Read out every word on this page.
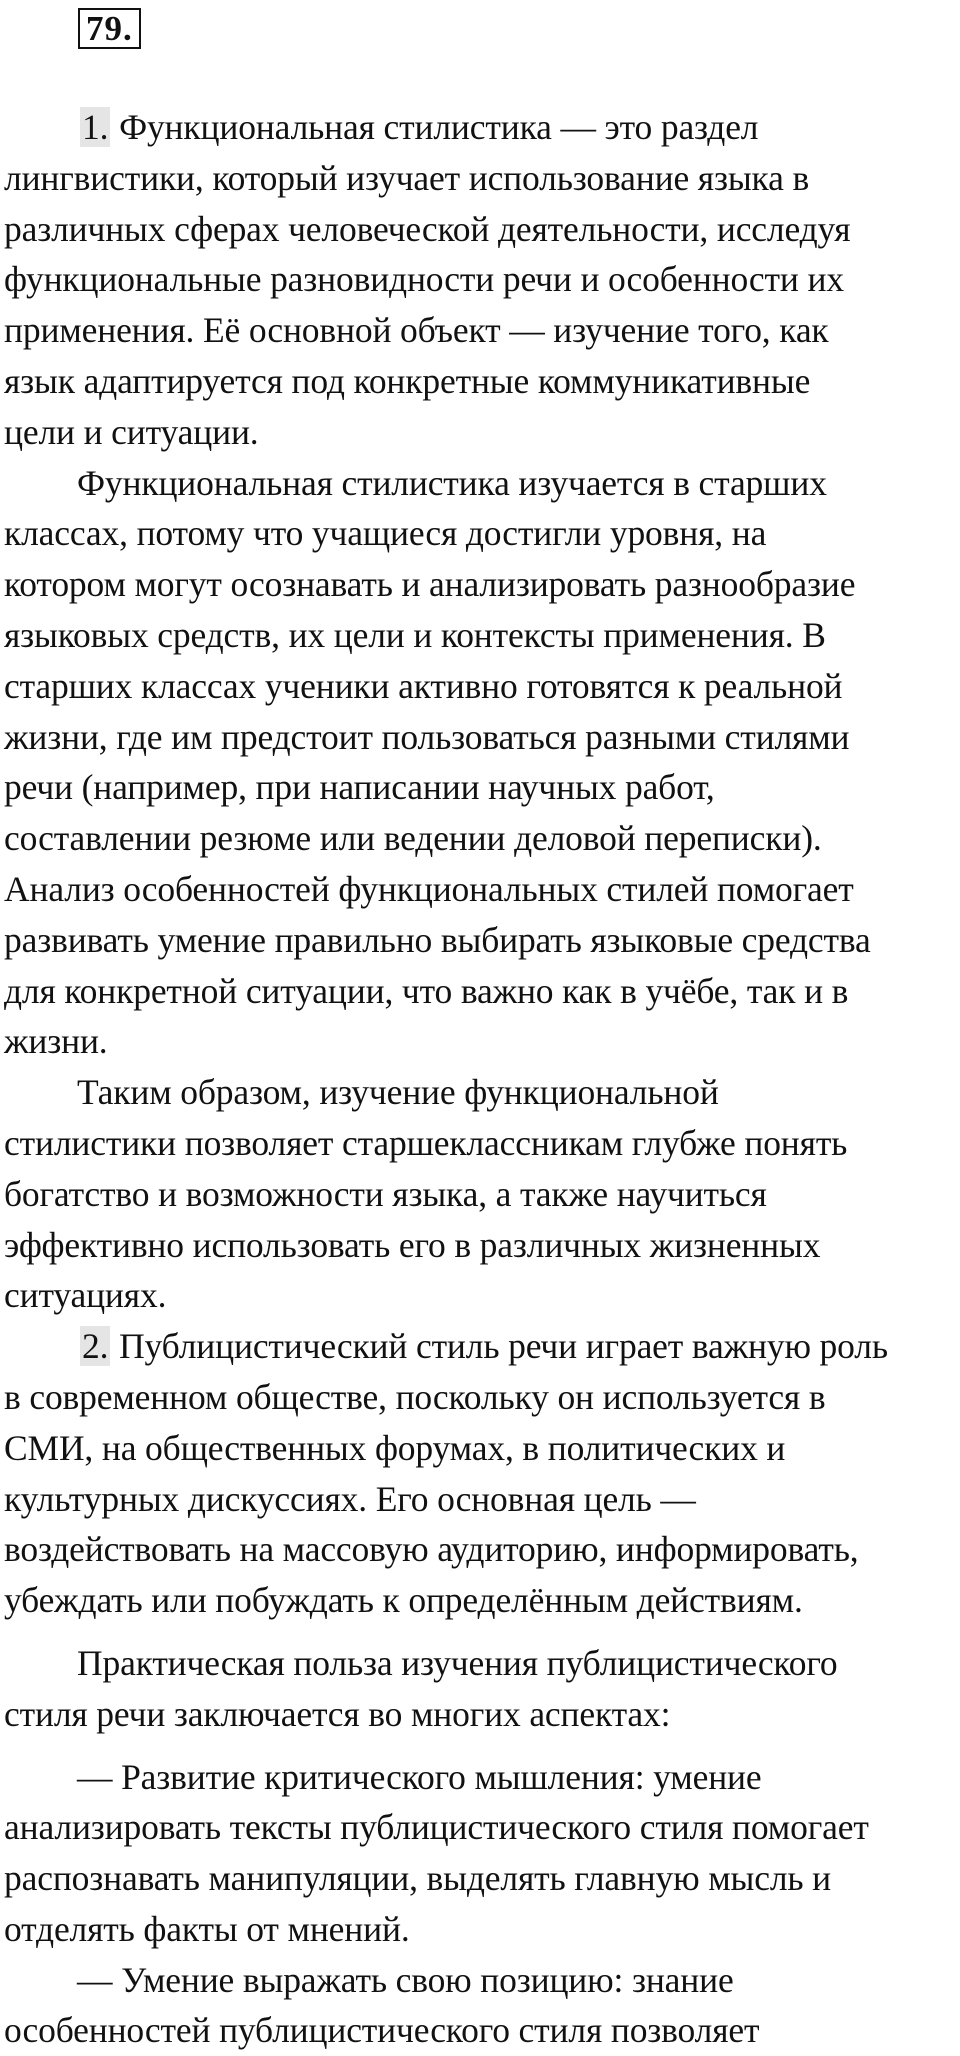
79.

1. Функциональная стилистика — это раздел

лингвистики, который изучает использование языка в

различных сферах человеческой деятельности, исследуя

функциональные разновидности речи и особенности их

применения. Её основной объект — изучение того, как

язык адаптируется под конкретные коммуникативные

цели и ситуации.

Функциональная стилистика изучается в старших

классах, потому что учащиеся достигли уровня, на

котором могут осознавать и анализировать разнообразие

языковых средств, их цели и контексты применения. В

старших классах ученики активно готовятся к реальной

жизни, где им предстоит пользоваться разными стилями

речи (например, при написании научных работ,

составлении резюме или ведении деловой переписки).

Анализ особенностей функциональных стилей помогает

развивать умение правильно выбирать языковые средства

для конкретной ситуации, что важно как в учёбе, так и в

жизни.

Таким образом, изучение функциональной

стилистики позволяет старшеклассникам глубже понять

богатство и возможности языка, а также научиться

эффективно использовать его в различных жизненных

ситуациях.

2. Публицистический стиль речи играет важную роль

в современном обществе, поскольку он используется в

СМИ, на общественных форумах, в политических и

культурных дискуссиях. Его основная цель —

воздействовать на массовую аудиторию, информировать,

убеждать или побуждать к определённым действиям.

Практическая польза изучения публицистического

стиля речи заключается во многих аспектах:

— Развитие критического мышления: умение

анализировать тексты публицистического стиля помогает

распознавать манипуляции, выделять главную мысль и

отделять факты от мнений.

— Умение выражать свою позицию: знание

особенностей публицистического стиля позволяет
